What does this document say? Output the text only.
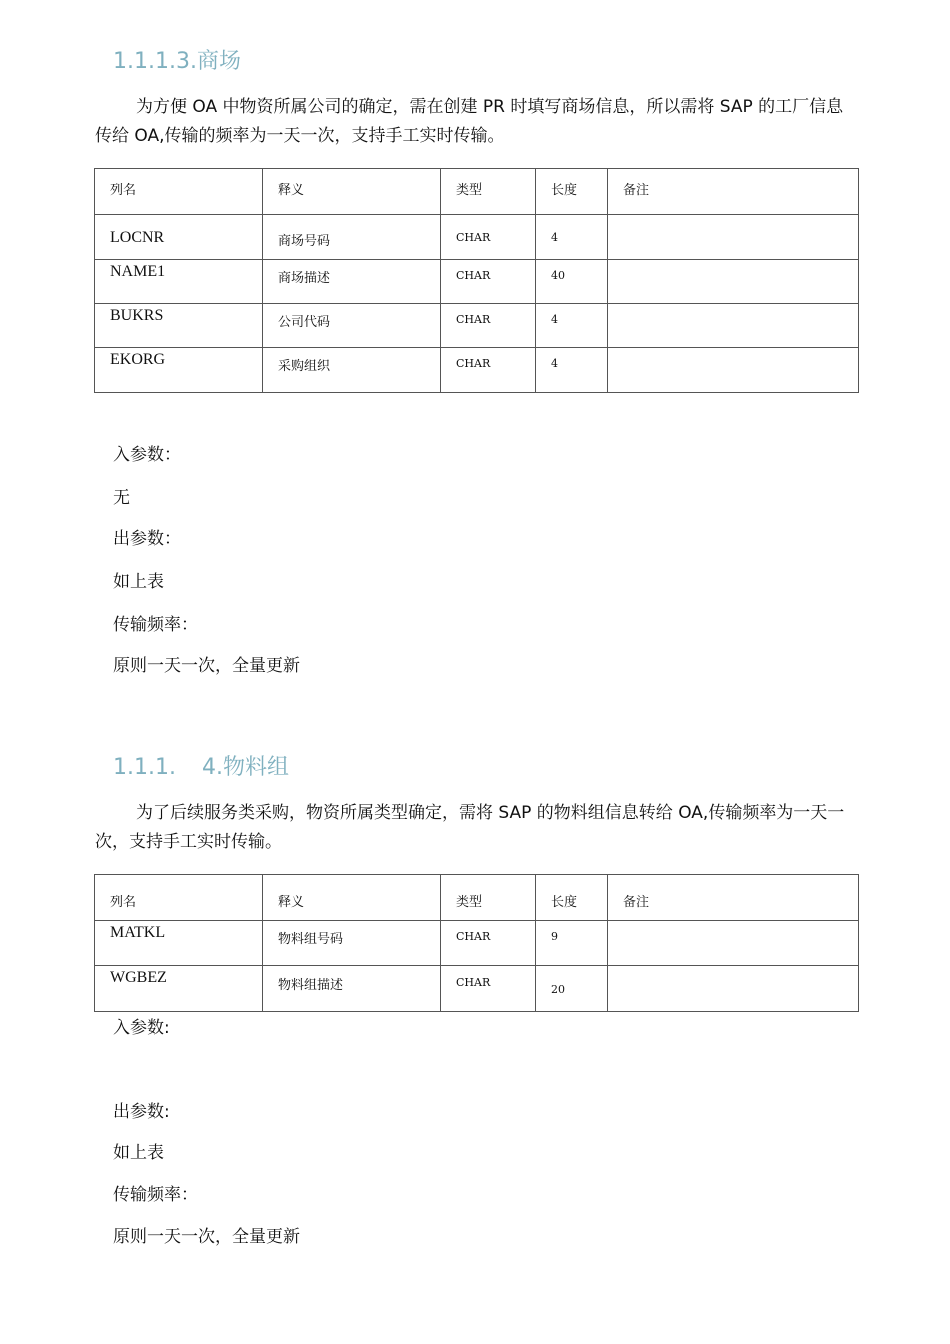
1.1.1.3.商场

为方便 OA 中物资所属公司的确定，需在创建 PR 时填写商场信息，所以需将 SAP 的工厂信息传给 OA,传输的频率为一天一次，支持手工实时传输。

列名	释义	类型	长度	备注

LOCNR	商场号码	CHAR	4	

NAME1	商场描述	CHAR	40	

BUKRS	公司代码	CHAR	4	

EKORG	采购组织	CHAR	4	

入参数：
无
出参数：
如上表
传输频率：
原则一天一次，全量更新
1.1.1. 4.物料组

为了后续服务类采购，物资所属类型确定，需将 SAP 的物料组信息转给 OA,传输频率为一天一次，支持手工实时传输。

列名	释义	类型	长度	备注

MATKL	物料组号码	CHAR	9	

WGBEZ	物料组描述	CHAR	20	

入参数:
出参数:
如上表
传输频率：
原则一天一次，全量更新
